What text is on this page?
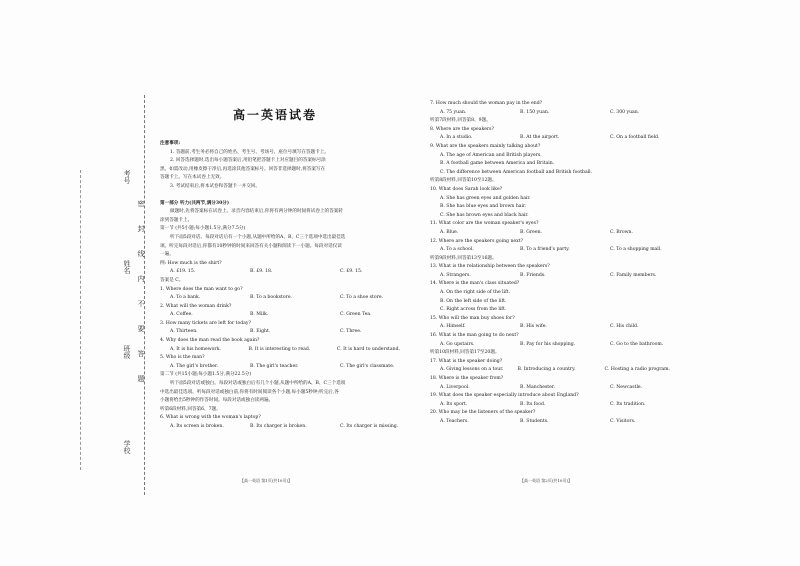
考号
姓名
班级
学校
密
封
线
内
不
要
答
题
高一英语试卷
注意事项:
1. 答题前,考生务必将自己的姓名、考生号、考场号、座位号填写在答题卡上。
2. 回答选择题时,选出每小题答案后,用铅笔把答题卡上对应题目的答案标号涂
黑。如需改动,用橡皮擦干净后,再选涂其他答案标号。回答非选择题时,将答案写在
答题卡上。写在本试卷上无效。
3. 考试结束后,将本试卷和答题卡一并交回。
第一部分 听力(共两节,满分30分)
做题时,先将答案标在试卷上。录音内容结束后,你将有两分钟的时间将试卷上的答案转
涂到答题卡上。
第一节 (共5小题;每小题1.5分,满分7.5分)
听下面5段对话。每段对话后有一个小题,从题中所给的A、B、C三个选项中选出最佳选
项。听完每段对话后,你都有10秒钟的时间来回答有关小题和阅读下一小题。每段对话仅读
一遍。
例: How much is the shirt?
A. £19. 15.	B. £9. 18.	C. £9. 15.
答案是 C。
1. Where does the man want to go?
A. To a bank.	B. To a bookstore.	C. To a shoe store.
2. What will the woman drink?
A. Coffee.	B. Milk.	C. Green Tea.
3. How many tickets are left for today?
A. Thirteen.	B. Eight.	C. Three.
4. Why does the man read the book again?
A. It is his homework.	B. It is interesting to read.	C. It is hard to understand.
5. Who is the man?
A. The girl's brother.	B. The girl's teacher.	C. The girl's classmate.
第二节 (共15小题;每小题1.5分,满分22.5分)
听下面5段对话或独白。每段对话或独白后有几个小题,从题中所给的A、B、C三个选项
中选出最佳选项。听每段对话或独白前,你将有时间阅读各个小题,每小题5秒钟;听完后,各
小题将给出5秒钟的作答时间。每段对话或独白读两遍。
听第6段材料,回答第6、7题。
6. What is wrong with the woman's laptop?
A. Its screen is broken.	B. Its charger is broken.	C. Its charger is missing.
【高一英语 第1页(共10页)】
7. How much should the woman pay in the end?
A. 75 yuan.	B. 150 yuan.	C. 300 yuan.
听第7段材料,回答第8、9题。
8. Where are the speakers?
A. In a studio.	B. At the airport.	C. On a football field.
9. What are the speakers mainly talking about?
A. The age of American and British players.
B. A football game between America and Britain.
C. The difference between American football and British football.
听第8段材料,回答第10至12题。
10. What does Sarah look like?
A. She has green eyes and golden hair.
B. She has blue eyes and brown hair.
C. She has brown eyes and black hair.
11. What color are the woman speaker's eyes?
A. Blue.	B. Green.	C. Brown.
12. Where are the speakers going next?
A. To a school.	B. To a friend's party.	C. To a shopping mall.
听第9段材料,回答第13至16题。
13. What is the relationship between the speakers?
A. Strangers.	B. Friends.	C. Family members.
14. Where is the man's class situated?
A. On the right side of the lift.
B. On the left side of the lift.
C. Right across from the lift.
15. Who will the man buy shoes for?
A. Himself.	B. His wife.	C. His child.
16. What is the man going to do next?
A. Go upstairs.	B. Pay for his shopping.	C. Go to the bathroom.
听第10段材料,回答第17至20题。
17. What is the speaker doing?
A. Giving lessons on a tour.	B. Introducing a country.	C. Hosting a radio program.
18. Where is the speaker from?
A. Liverpool.	B. Manchester.	C. Newcastle.
19. What does the speaker especially introduce about England?
A. Its sport.	B. Its food.	C. Its tradition.
20. Who may be the listeners of the speaker?
A. Teachers.	B. Students.	C. Visitors.
【高一英语 第2页(共10页)】
